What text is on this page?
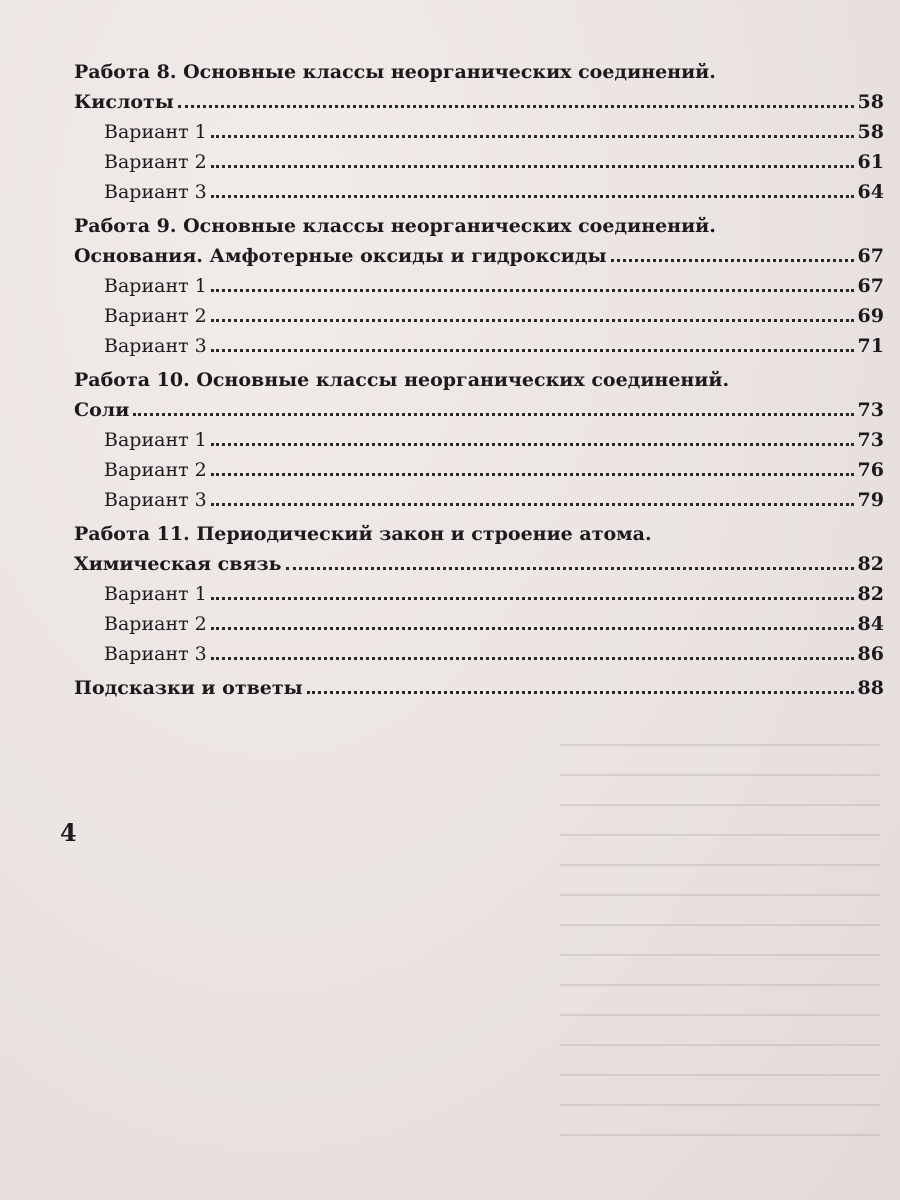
Работа 8. Основные классы неорганических соединений.
Кислоты	58
Вариант 1	58
Вариант 2	61
Вариант 3	64
Работа 9. Основные классы неорганических соединений.
Основания. Амфотерные оксиды и гидроксиды	67
Вариант 1	67
Вариант 2	69
Вариант 3	71
Работа 10. Основные классы неорганических соединений.
Соли	73
Вариант 1	73
Вариант 2	76
Вариант 3	79
Работа 11. Периодический закон и строение атома.
Химическая связь	82
Вариант 1	82
Вариант 2	84
Вариант 3	86
Подсказки и ответы	88
4
